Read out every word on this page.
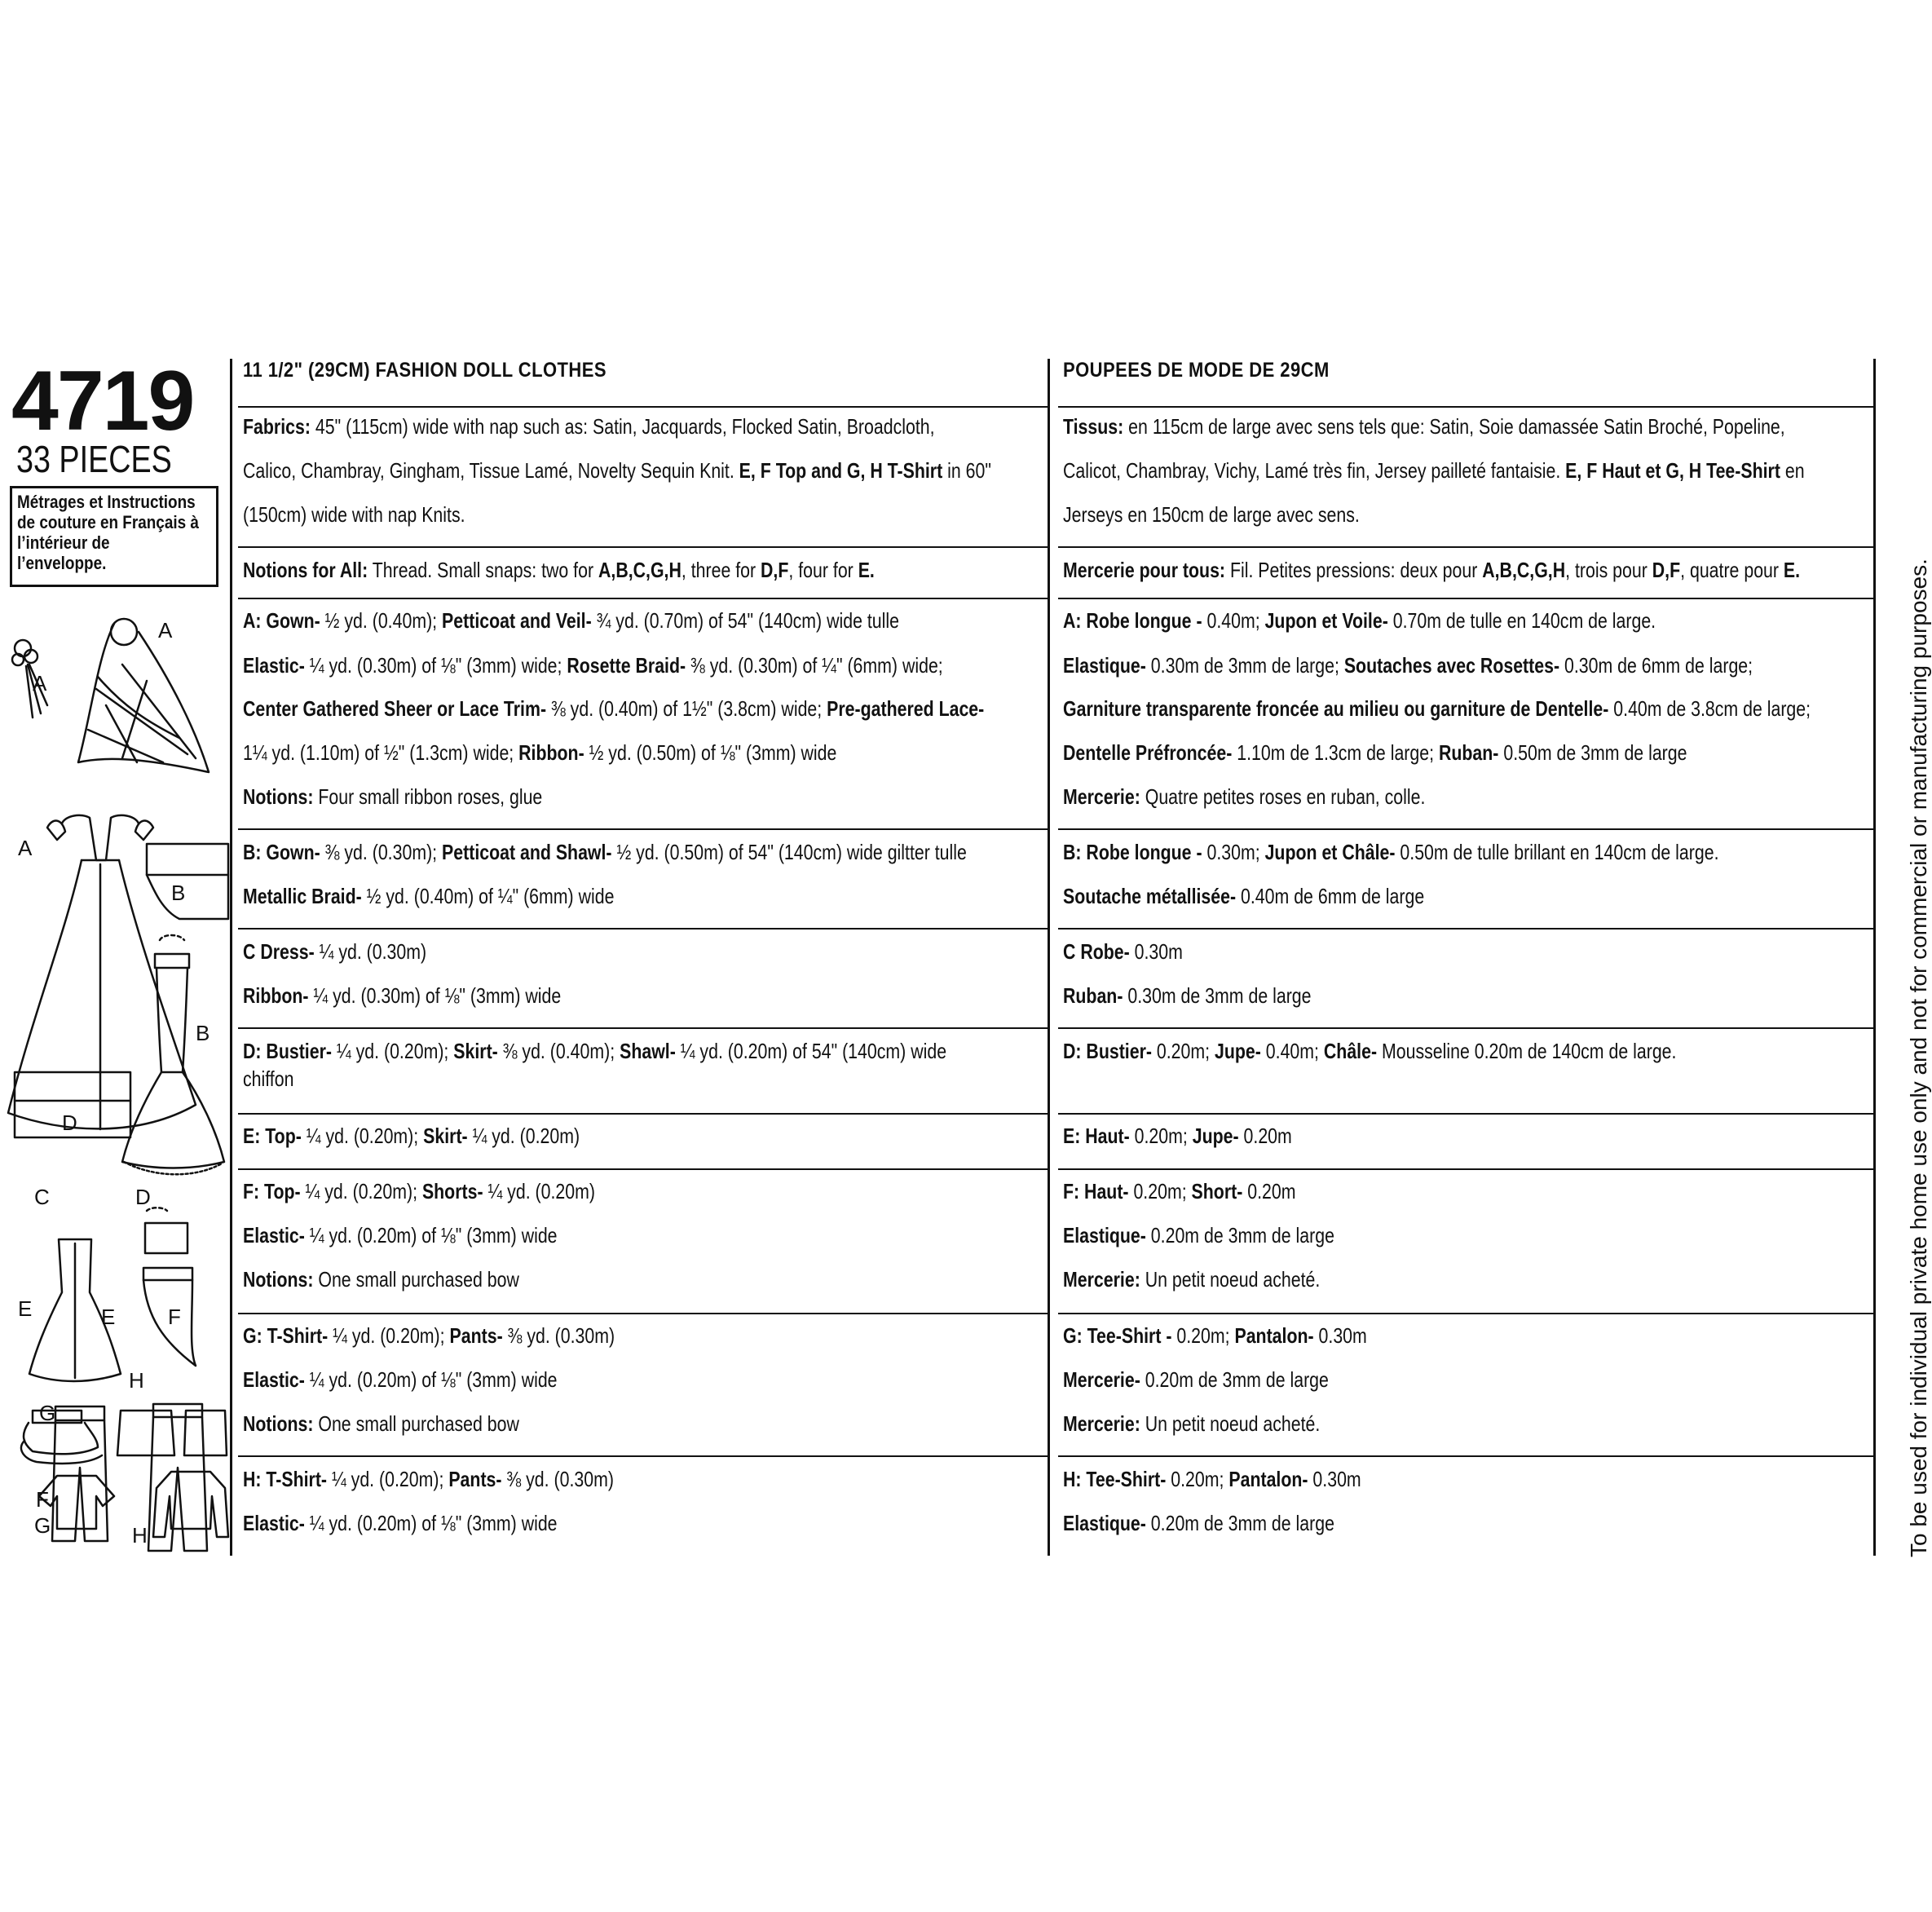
4719
33 PIECES
Métrages et Instructions
de couture en Français à
l’intérieur de
l’enveloppe.
A
A
A
B
B
D
C	D
E	E F
H
G
F
G	H
11 1/2" (29CM) FASHION DOLL CLOTHES
Fabrics: 45" (115cm) wide with nap such as: Satin, Jacquards, Flocked Satin, Broadcloth,
Calico, Chambray, Gingham, Tissue Lamé, Novelty Sequin Knit. E, F Top and G, H T-Shirt in 60"
(150cm) wide with nap Knits.
Notions for All: Thread. Small snaps: two for A,B,C,G,H, three for D,F, four for E.
A: Gown- ½ yd. (0.40m); Petticoat and Veil- ¾ yd. (0.70m) of 54" (140cm) wide tulle
Elastic- ¼ yd. (0.30m) of ⅛" (3mm) wide; Rosette Braid- ⅜ yd. (0.30m) of ¼" (6mm) wide;
Center Gathered Sheer or Lace Trim- ⅜ yd. (0.40m) of 1½" (3.8cm) wide; Pre-gathered Lace-
1¼ yd. (1.10m) of ½" (1.3cm) wide; Ribbon- ½ yd. (0.50m) of ⅛" (3mm) wide
Notions: Four small ribbon roses, glue
B: Gown- ⅜ yd. (0.30m); Petticoat and Shawl- ½ yd. (0.50m) of 54" (140cm) wide giltter tulle
Metallic Braid- ½ yd. (0.40m) of ¼" (6mm) wide
C Dress- ¼ yd. (0.30m)
Ribbon- ¼ yd. (0.30m) of ⅛" (3mm) wide
D: Bustier- ¼ yd. (0.20m); Skirt- ⅜ yd. (0.40m); Shawl- ¼ yd. (0.20m) of 54" (140cm) wide
chiffon
E: Top- ¼ yd. (0.20m); Skirt- ¼ yd. (0.20m)
F: Top- ¼ yd. (0.20m); Shorts- ¼ yd. (0.20m)
Elastic- ¼ yd. (0.20m) of ⅛" (3mm) wide
Notions: One small purchased bow
G: T-Shirt- ¼ yd. (0.20m); Pants- ⅜ yd. (0.30m)
Elastic- ¼ yd. (0.20m) of ⅛" (3mm) wide
Notions: One small purchased bow
H: T-Shirt- ¼ yd. (0.20m); Pants- ⅜ yd. (0.30m)
Elastic- ¼ yd. (0.20m) of ⅛" (3mm) wide
POUPEES DE MODE DE 29CM
Tissus: en 115cm de large avec sens tels que: Satin, Soie damassée Satin Broché, Popeline,
Calicot, Chambray, Vichy, Lamé très fin, Jersey pailleté fantaisie. E, F Haut et G, H Tee-Shirt en
Jerseys en 150cm de large avec sens.
Mercerie pour tous: Fil. Petites pressions: deux pour A,B,C,G,H, trois pour D,F, quatre pour E.
A: Robe longue - 0.40m; Jupon et Voile- 0.70m de tulle en 140cm de large.
Elastique- 0.30m de 3mm de large; Soutaches avec Rosettes- 0.30m de 6mm de large;
Garniture transparente froncée au milieu ou garniture de Dentelle- 0.40m de 3.8cm de large;
Dentelle Préfroncée- 1.10m de 1.3cm de large; Ruban- 0.50m de 3mm de large
Mercerie: Quatre petites roses en ruban, colle.
B: Robe longue - 0.30m; Jupon et Châle- 0.50m de tulle brillant en 140cm de large.
Soutache métallisée- 0.40m de 6mm de large
C Robe- 0.30m
Ruban- 0.30m de 3mm de large
D: Bustier- 0.20m; Jupe- 0.40m; Châle- Mousseline 0.20m de 140cm de large.
E: Haut- 0.20m; Jupe- 0.20m
F: Haut- 0.20m; Short- 0.20m
Elastique- 0.20m de 3mm de large
Mercerie: Un petit noeud acheté.
G: Tee-Shirt - 0.20m; Pantalon- 0.30m
Mercerie- 0.20m de 3mm de large
Mercerie: Un petit noeud acheté.
H: Tee-Shirt- 0.20m; Pantalon- 0.30m
Elastique- 0.20m de 3mm de large	To be used for individual private home use only and not for commercial or manufacturing purposes.
